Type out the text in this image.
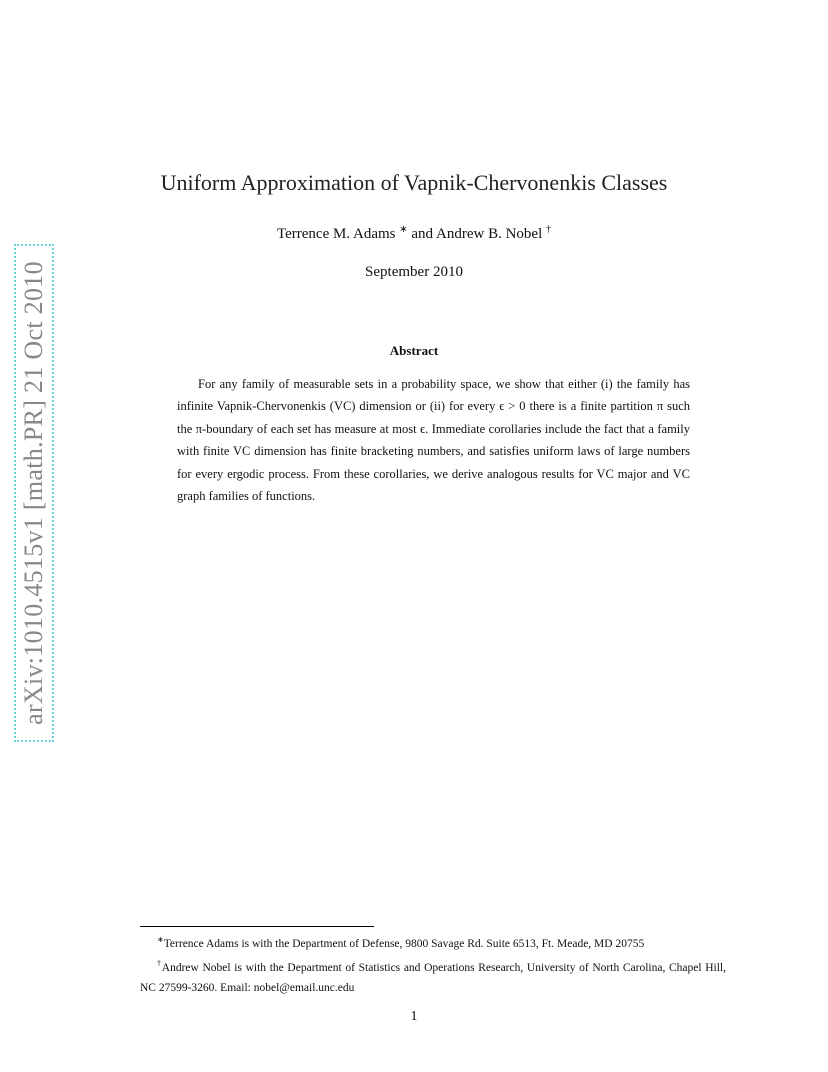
arXiv:1010.4515v1 [math.PR] 21 Oct 2010
Uniform Approximation of Vapnik-Chervonenkis Classes
Terrence M. Adams ∗ and Andrew B. Nobel †
September 2010
Abstract
For any family of measurable sets in a probability space, we show that either (i) the family has infinite Vapnik-Chervonenkis (VC) dimension or (ii) for every ϵ > 0 there is a finite partition π such the π-boundary of each set has measure at most ϵ. Immediate corollaries include the fact that a family with finite VC dimension has finite bracketing numbers, and satisfies uniform laws of large numbers for every ergodic process. From these corollaries, we derive analogous results for VC major and VC graph families of functions.

∗Terrence Adams is with the Department of Defense, 9800 Savage Rd. Suite 6513, Ft. Meade, MD 20755

†Andrew Nobel is with the Department of Statistics and Operations Research, University of North Carolina, Chapel Hill, NC 27599-3260. Email: nobel@email.unc.edu

1
